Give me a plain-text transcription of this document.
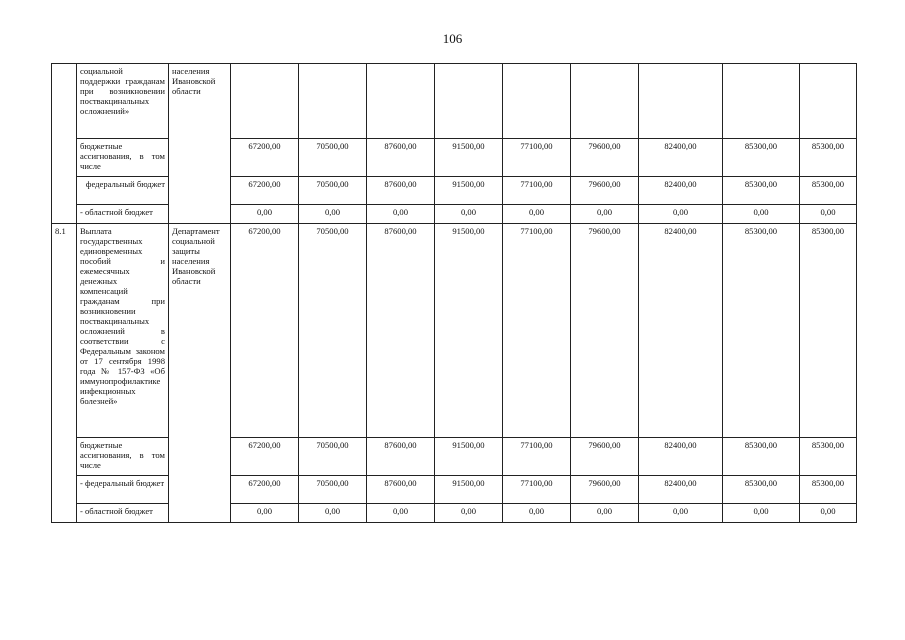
106
	социальной поддержки гражданам при возникновении поствакцинальных осложнений»	населения Ивановской области									
	бюджетные ассигнования, в том числе		67200,00	70500,00	87600,00	91500,00	77100,00	79600,00	82400,00	85300,00	85300,00
	федеральный бюджет		67200,00	70500,00	87600,00	91500,00	77100,00	79600,00	82400,00	85300,00	85300,00
	- областной бюджет		0,00	0,00	0,00	0,00	0,00	0,00	0,00	0,00	0,00
8.1	Выплата государственных единовременных пособий и ежемесячных денежных компенсаций гражданам при возникновении поствакцинальных осложнений в соответствии с Федеральным законом от 17 сентября 1998 года № 157-ФЗ «Об иммунопрофилактике инфекционных болезней»	Департамент социальной защиты населения Ивановской области	67200,00	70500,00	87600,00	91500,00	77100,00	79600,00	82400,00	85300,00	85300,00
	бюджетные ассигнования, в том числе		67200,00	70500,00	87600,00	91500,00	77100,00	79600,00	82400,00	85300,00	85300,00
	- федеральный бюджет		67200,00	70500,00	87600,00	91500,00	77100,00	79600,00	82400,00	85300,00	85300,00
	- областной бюджет		0,00	0,00	0,00	0,00	0,00	0,00	0,00	0,00	0,00
